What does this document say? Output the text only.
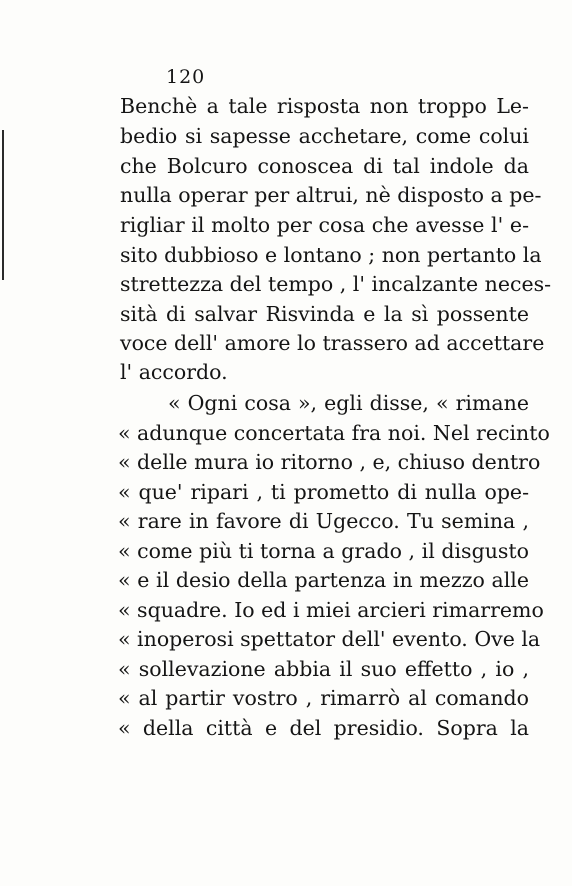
120
Benchè a tale risposta non troppo Le-
bedio si sapesse acchetare, come colui
che Bolcuro conoscea di tal indole da
nulla operar per altrui, nè disposto a pe-
rigliar il molto per cosa che avesse l' e-
sito dubbioso e lontano ; non pertanto la
strettezza del tempo , l' incalzante neces-
sità di salvar Risvinda e la sì possente
voce dell' amore lo trassero ad accettare
l' accordo.
« Ogni cosa », egli disse, « rimane
« adunque concertata fra noi. Nel recinto
« delle mura io ritorno , e, chiuso dentro
« que' ripari , ti prometto di nulla ope-
« rare in favore di Ugecco. Tu semina ,
« come più ti torna a grado , il disgusto
« e il desio della partenza in mezzo alle
« squadre. Io ed i miei arcieri rimarremo
« inoperosi spettator dell' evento. Ove la
« sollevazione abbia il suo effetto , io ,
« al partir vostro , rimarrò al comando
« della città e del presidio. Sopra la
